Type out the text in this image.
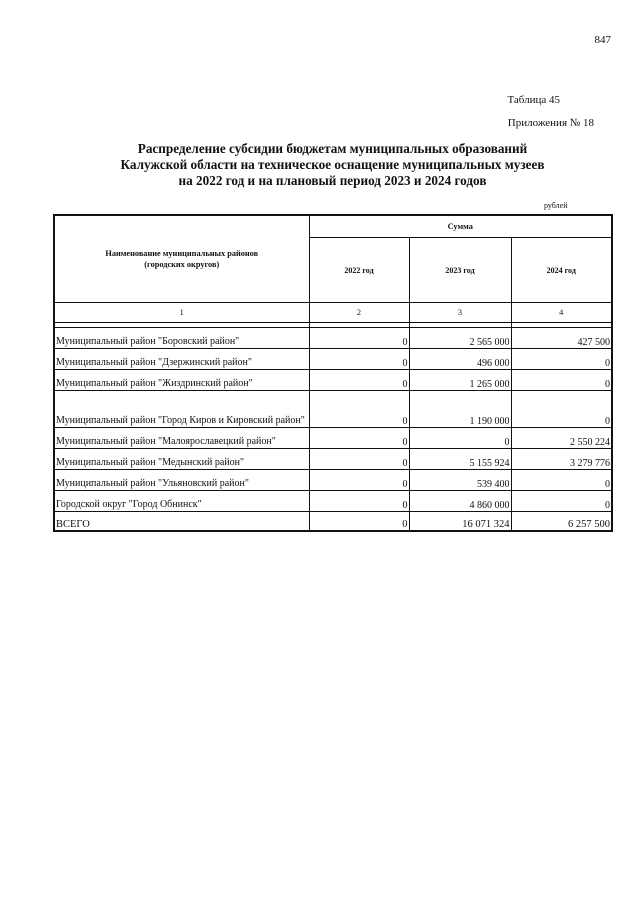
847
Таблица 45
Приложения № 18
Распределение субсидии бюджетам муниципальных образований
Калужской области на техническое оснащение муниципальных музеев
на 2022 год и на плановый период 2023 и 2024 годов
рублей
Наименование муниципальных районов
(городских округов)	Сумма		
	2022 год	2023 год	2024 год
1	2	3	4

Муниципальный район "Боровский район"	0	2 565 000	427 500
Муниципальный район "Дзержинский район"	0	496 000	0
Муниципальный район "Жиздринский район"	0	1 265 000	0
Муниципальный район "Город Киров и Кировский район"	0	1 190 000	0
Муниципальный район "Малоярославецкий район"	0	0	2 550 224
Муниципальный район "Медынский район"	0	5 155 924	3 279 776
Муниципальный район "Ульяновский район"	0	539 400	0
Городской округ "Город Обнинск"	0	4 860 000	0
ВСЕГО	0	16 071 324	6 257 500
